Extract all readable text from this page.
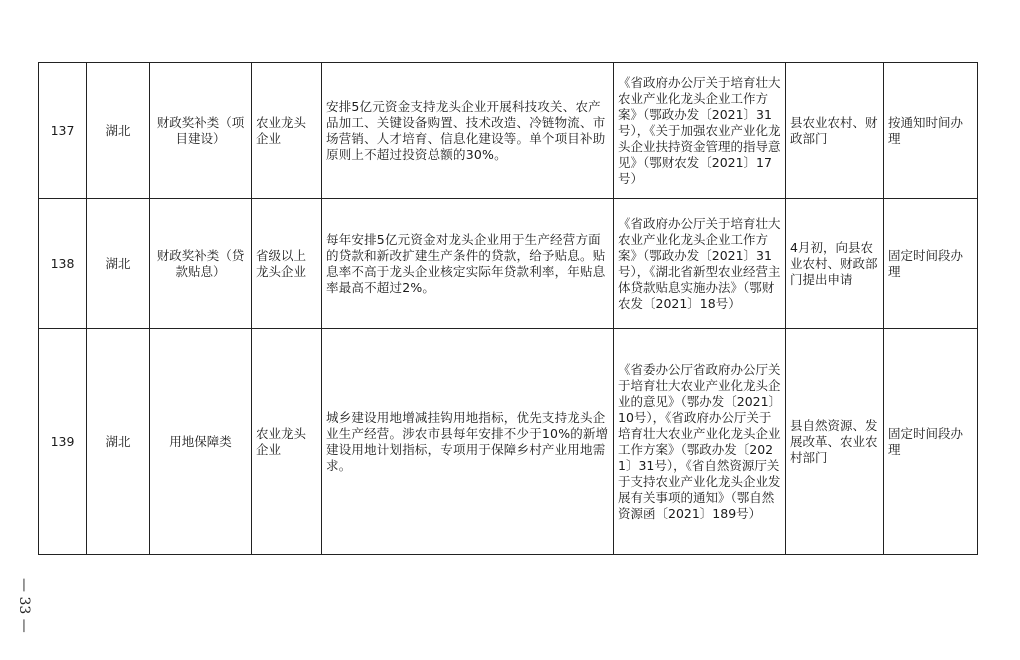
137	湖北	财政奖补类（项目建设）	农业龙头企业	安排5亿元资金支持龙头企业开展科技攻关、农产品加工、关键设备购置、技术改造、冷链物流、市场营销、人才培育、信息化建设等。单个项目补助原则上不超过投资总额的30%。	《省政府办公厅关于培育壮大农业产业化龙头企业工作方案》（鄂政办发〔2021〕31号），《关于加强农业产业化龙头企业扶持资金管理的指导意见》（鄂财农发〔2021〕17号）	县农业农村、财政部门	按通知时间办理
138	湖北	财政奖补类（贷款贴息）	省级以上龙头企业	每年安排5亿元资金对龙头企业用于生产经营方面的贷款和新改扩建生产条件的贷款，给予贴息。贴息率不高于龙头企业核定实际年贷款利率，年贴息率最高不超过2%。	《省政府办公厅关于培育壮大农业产业化龙头企业工作方案》（鄂政办发〔2021〕31号），《湖北省新型农业经营主体贷款贴息实施办法》（鄂财农发〔2021〕18号）	4月初，向县农业农村、财政部门提出申请	固定时间段办理
139	湖北	用地保障类	农业龙头企业	城乡建设用地增减挂钩用地指标，优先支持龙头企业生产经营。涉农市县每年安排不少于10%的新增建设用地计划指标，专项用于保障乡村产业用地需求。	《省委办公厅省政府办公厅关于培育壮大农业产业化龙头企业的意见》（鄂办发〔2021〕10号），《省政府办公厅关于培育壮大农业产业化龙头企业工作方案》（鄂政办发〔2021〕31号），《省自然资源厅关于支持农业产业化龙头企业发展有关事项的通知》（鄂自然资源函〔2021〕189号）	县自然资源、发展改革、农业农村部门	固定时间段办理
— 33 —
